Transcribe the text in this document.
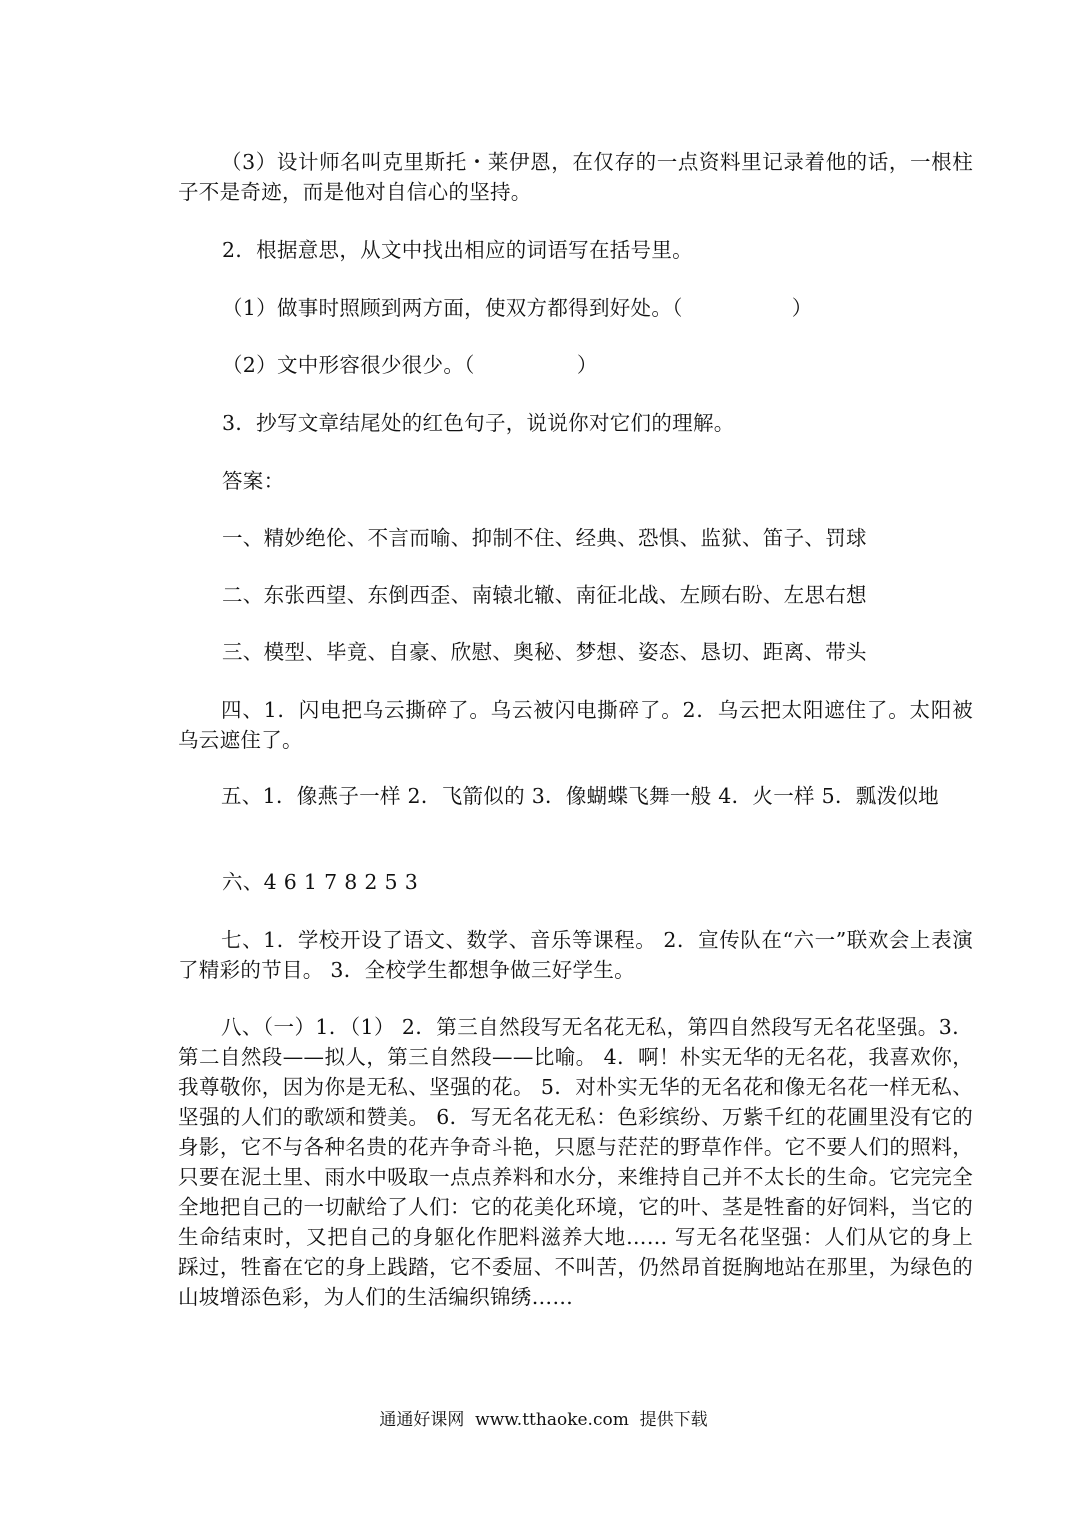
（3）设计师名叫克里斯托・莱伊恩，在仅存的一点资料里记录着他的话，一根柱子不是奇迹，而是他对自信心的坚持。

2．根据意思，从文中找出相应的词语写在括号里。
（1）做事时照顾到两方面，使双方都得到好处。（                ）
（2）文中形容很少很少。（               ）
3．抄写文章结尾处的红色句子，说说你对它们的理解。
答案：
一、精妙绝伦、不言而喻、抑制不住、经典、恐惧、监狱、笛子、罚球
二、东张西望、东倒西歪、南辕北辙、南征北战、左顾右盼、左思右想
三、模型、毕竟、自豪、欣慰、奥秘、梦想、姿态、恳切、距离、带头

四、1．闪电把乌云撕碎了。乌云被闪电撕碎了。2．乌云把太阳遮住了。太阳被乌云遮住了。

五、1．像燕子一样 2．飞箭似的 3．像蝴蝶飞舞一般 4．火一样 5．瓢泼似地

六、4 6 1 7 8 2 5 3

七、1．学校开设了语文、数学、音乐等课程。 2．宣传队在“六一”联欢会上表演了精彩的节目。 3．全校学生都想争做三好学生。

八、（一）1．（1） 2．第三自然段写无名花无私，第四自然段写无名花坚强。3．第二自然段——拟人，第三自然段——比喻。 4．啊！朴实无华的无名花，我喜欢你，我尊敬你，因为你是无私、坚强的花。 5．对朴实无华的无名花和像无名花一样无私、坚强的人们的歌颂和赞美。 6．写无名花无私：色彩缤纷、万紫千红的花圃里没有它的身影，它不与各种名贵的花卉争奇斗艳，只愿与茫茫的野草作伴。它不要人们的照料，只要在泥土里、雨水中吸取一点点养料和水分，来维持自己并不太长的生命。它完完全全地把自己的一切献给了人们：它的花美化环境，它的叶、茎是牲畜的好饲料，当它的生命结束时，又把自己的身躯化作肥料滋养大地…… 写无名花坚强：人们从它的身上踩过，牲畜在它的身上践踏，它不委屈、不叫苦，仍然昂首挺胸地站在那里，为绿色的山坡增添色彩，为人们的生活编织锦绣……

通通好课网  www.tthaoke.com  提供下载
